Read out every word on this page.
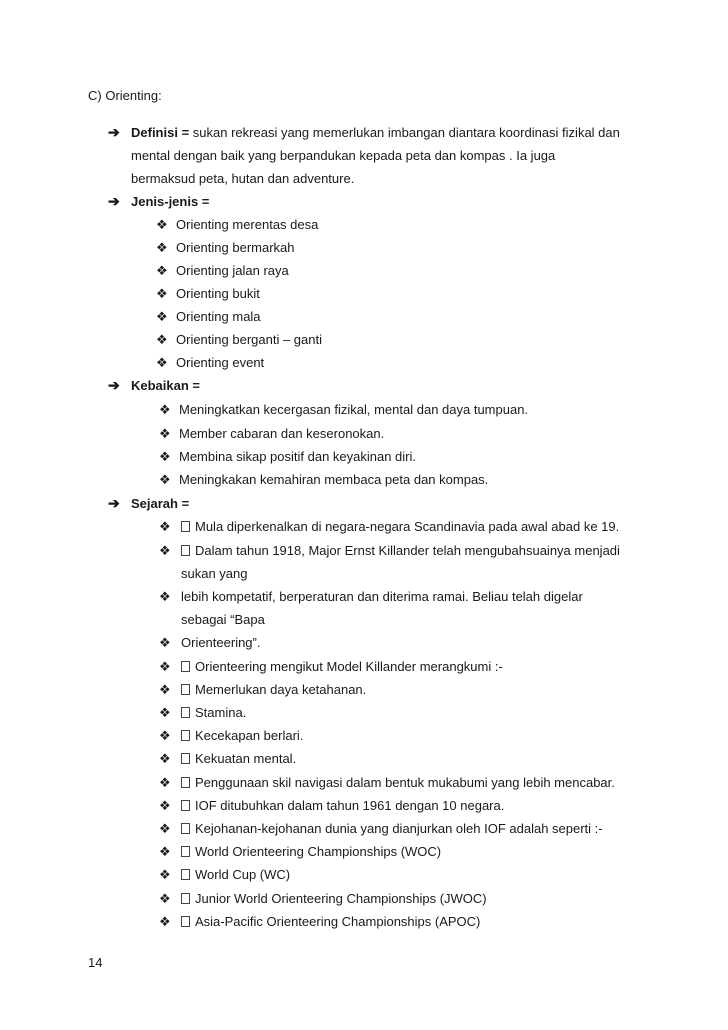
C) Orienting:
➔ Definisi = sukan rekreasi yang memerlukan imbangan diantara koordinasi fizikal dan
mental dengan baik yang berpandukan kepada peta dan kompas . Ia juga
bermaksud peta, hutan dan adventure.
➔ Jenis-jenis =
❖ Orienting merentas desa
❖ Orienting bermarkah
❖ Orienting jalan raya
❖ Orienting bukit
❖ Orienting mala
❖ Orienting berganti – ganti
❖ Orienting event
➔ Kebaikan =
❖ Meningkatkan kecergasan fizikal, mental dan daya tumpuan.
❖ Member cabaran dan keseronokan.
❖ Membina sikap positif dan keyakinan diri.
❖ Meningkakan kemahiran membaca peta dan kompas.
➔ Sejarah =
❖	Mula diperkenalkan di negara-negara Scandinavia pada awal abad ke 19.
❖	Dalam tahun 1918, Major Ernst Killander telah mengubahsuainya menjadi
sukan yang
❖ lebih kompetatif, berperaturan dan diterima ramai. Beliau telah digelar
sebagai “Bapa
❖ Orienteering”.
❖	Orienteering mengikut Model Killander merangkumi :-
❖	Memerlukan daya ketahanan.
❖	Stamina.
❖	Kecekapan berlari.
❖	Kekuatan mental.
❖	Penggunaan skil navigasi dalam bentuk mukabumi yang lebih mencabar.
❖	IOF ditubuhkan dalam tahun 1961 dengan 10 negara.
❖	Kejohanan-kejohanan dunia yang dianjurkan oleh IOF adalah seperti :-
❖	World Orienteering Championships (WOC)
❖	World Cup (WC)
❖	Junior World Orienteering Championships (JWOC)
❖	Asia-Pacific Orienteering Championships (APOC)
14
